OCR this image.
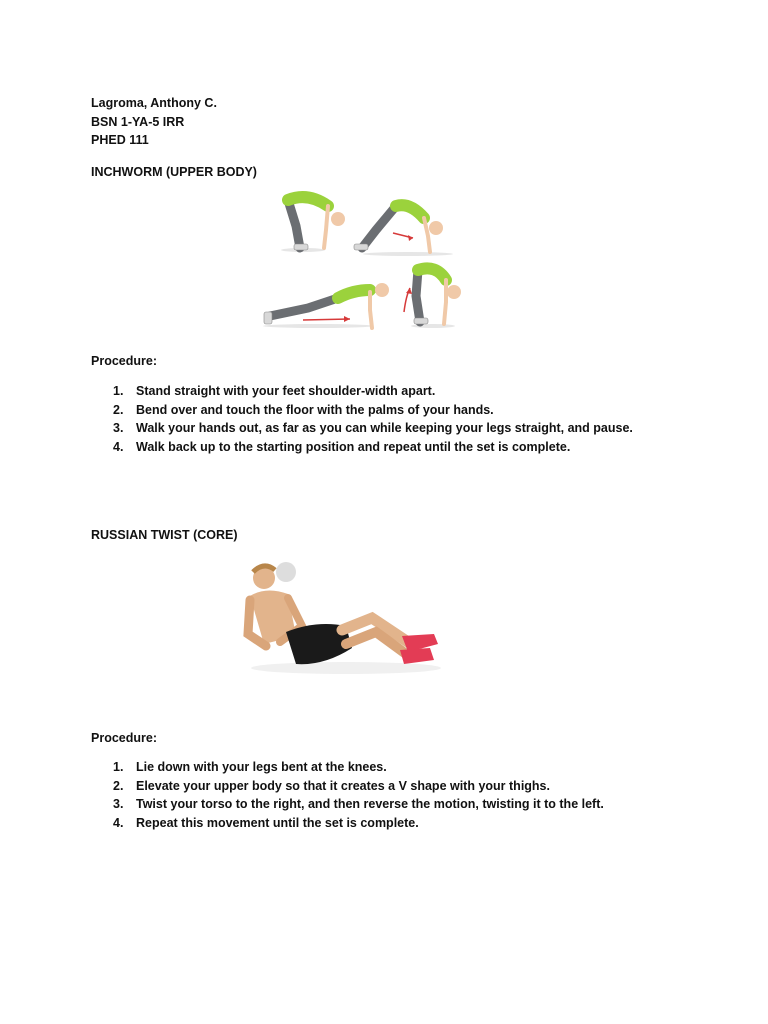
Lagroma, Anthony C.
BSN 1-YA-5 IRR
PHED 111
INCHWORM (UPPER BODY)
Procedure:
1. Stand straight with your feet shoulder-width apart.
2. Bend over and touch the floor with the palms of your hands.
3. Walk your hands out, as far as you can while keeping your legs straight, and pause.
4. Walk back up to the starting position and repeat until the set is complete.
RUSSIAN TWIST (CORE)
Procedure:
1. Lie down with your legs bent at the knees.
2. Elevate your upper body so that it creates a V shape with your thighs.
3. Twist your torso to the right, and then reverse the motion, twisting it to the left.
4. Repeat this movement until the set is complete.
